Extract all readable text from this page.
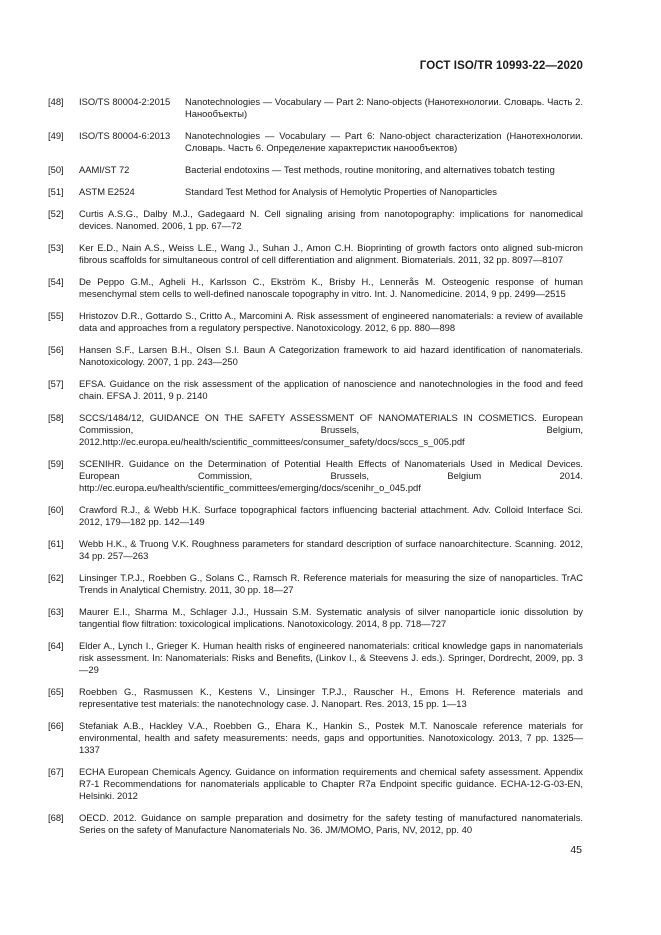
ГОСТ ISO/TR 10993-22—2020
[48]	ISO/TS 80004-2:2015	Nanotechnologies — Vocabulary — Part 2: Nano-objects (Нанотехнологии. Словарь. Часть 2. Нанообъекты)
[49]	ISO/TS 80004-6:2013	Nanotechnologies — Vocabulary — Part 6: Nano-object characterization (Нанотехнологии. Словарь. Часть 6. Определение характеристик нанообъектов)
[50]	AAMI/ST 72	Bacterial endotoxins — Test methods, routine monitoring, and alternatives tobatch testing
[51]	ASTM E2524	Standard Test Method for Analysis of Hemolytic Properties of Nanoparticles
[52] Curtis A.S.G., Dalby M.J., Gadegaard N. Cell signaling arising from nanotopography: implications for nanomedical devices. Nanomed. 2006, 1 pp. 67—72
[53] Ker E.D., Nain A.S., Weiss L.E., Wang J., Suhan J., Amon C.H. Bioprinting of growth factors onto aligned sub-micron fibrous scaffolds for simultaneous control of cell differentiation and alignment. Biomaterials. 2011, 32 pp. 8097—8107
[54] De Peppo G.M., Agheli H., Karlsson C., Ekström K., Brisby H., Lennerås M. Osteogenic response of human mesenchymal stem cells to well-defined nanoscale topography in vitro. Int. J. Nanomedicine. 2014, 9 pp. 2499—2515
[55] Hristozov D.R., Gottardo S., Critto A., Marcomini A. Risk assessment of engineered nanomaterials: a review of available data and approaches from a regulatory perspective. Nanotoxicology. 2012, 6 pp. 880—898
[56] Hansen S.F., Larsen B.H., Olsen S.I. Baun A Categorization framework to aid hazard identification of nanomaterials. Nanotoxicology. 2007, 1 pp. 243—250
[57] EFSA. Guidance on the risk assessment of the application of nanoscience and nanotechnologies in the food and feed chain. EFSA J. 2011, 9 p. 2140
[58] SCCS/1484/12, GUIDANCE ON THE SAFETY ASSESSMENT OF NANOMATERIALS IN COSMETICS. European Commission, Brussels, Belgium, 2012.http://ec.europa.eu/health/scientific_committees/consumer_safety/docs/sccs_s_005.pdf
[59] SCENIHR. Guidance on the Determination of Potential Health Effects of Nanomaterials Used in Medical Devices. European Commission, Brussels, Belgium 2014. http://ec.europa.eu/health/scientific_committees/emerging/docs/scenihr_o_045.pdf
[60] Crawford R.J., & Webb H.K. Surface topographical factors influencing bacterial attachment. Adv. Colloid Interface Sci. 2012, 179—182 pp. 142—149
[61] Webb H.K., & Truong V.K. Roughness parameters for standard description of surface nanoarchitecture. Scanning. 2012, 34 pp. 257—263
[62] Linsinger T.P.J., Roebben G., Solans C., Ramsch R. Reference materials for measuring the size of nanoparticles. TrAC Trends in Analytical Chemistry. 2011, 30 pp. 18—27
[63] Maurer E.I., Sharma M., Schlager J.J., Hussain S.M. Systematic analysis of silver nanoparticle ionic dissolution by tangential flow filtration: toxicological implications. Nanotoxicology. 2014, 8 pp. 718—727
[64] Elder A., Lynch I., Grieger K. Human health risks of engineered nanomaterials: critical knowledge gaps in nanomaterials risk assessment. In: Nanomaterials: Risks and Benefits, (Linkov I., & Steevens J. eds.). Springer, Dordrecht, 2009, pp. 3—29
[65] Roebben G., Rasmussen K., Kestens V., Linsinger T.P.J., Rauscher H., Emons H. Reference materials and representative test materials: the nanotechnology case. J. Nanopart. Res. 2013, 15 pp. 1—13
[66] Stefaniak A.B., Hackley V.A., Roebben G., Ehara K., Hankin S., Postek M.T. Nanoscale reference materials for environmental, health and safety measurements: needs, gaps and opportunities. Nanotoxicology. 2013, 7 pp. 1325—1337
[67] ECHA European Chemicals Agency. Guidance on information requirements and chemical safety assessment. Appendix R7-1 Recommendations for nanomaterials applicable to Chapter R7a Endpoint specific guidance. ECHA-12-G-03-EN, Helsinki. 2012
[68] OECD. 2012. Guidance on sample preparation and dosimetry for the safety testing of manufactured nanomaterials. Series on the safety of Manufacture Nanomaterials No. 36. JM/MOMO, Paris, NV, 2012, pp. 40
45
